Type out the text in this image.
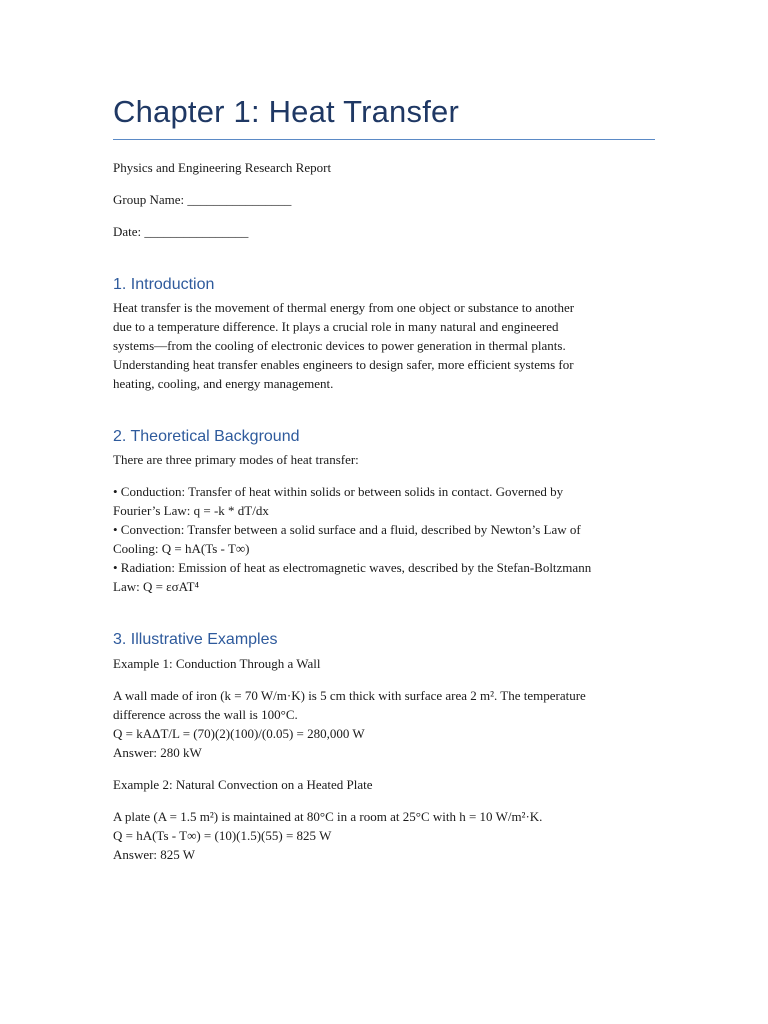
Chapter 1: Heat Transfer

Physics and Engineering Research Report

Group Name: ________________

Date: ________________

1. Introduction

Heat transfer is the movement of thermal energy from one object or substance to another

due to a temperature difference. It plays a crucial role in many natural and engineered

systems—from the cooling of electronic devices to power generation in thermal plants.

Understanding heat transfer enables engineers to design safer, more efficient systems for

heating, cooling, and energy management.

2. Theoretical Background

There are three primary modes of heat transfer:

• Conduction: Transfer of heat within solids or between solids in contact. Governed by

Fourier’s Law: q = -k * dT/dx

• Convection: Transfer between a solid surface and a fluid, described by Newton’s Law of

Cooling: Q = hA(Ts - T∞)

• Radiation: Emission of heat as electromagnetic waves, described by the Stefan-Boltzmann

Law: Q = εσAT⁴

3. Illustrative Examples

Example 1: Conduction Through a Wall

A wall made of iron (k = 70 W/m·K) is 5 cm thick with surface area 2 m². The temperature

difference across the wall is 100°C.

Q = kAΔT/L = (70)(2)(100)/(0.05) = 280,000 W

Answer: 280 kW

Example 2: Natural Convection on a Heated Plate

A plate (A = 1.5 m²) is maintained at 80°C in a room at 25°C with h = 10 W/m²·K.

Q = hA(Ts - T∞) = (10)(1.5)(55) = 825 W

Answer: 825 W
